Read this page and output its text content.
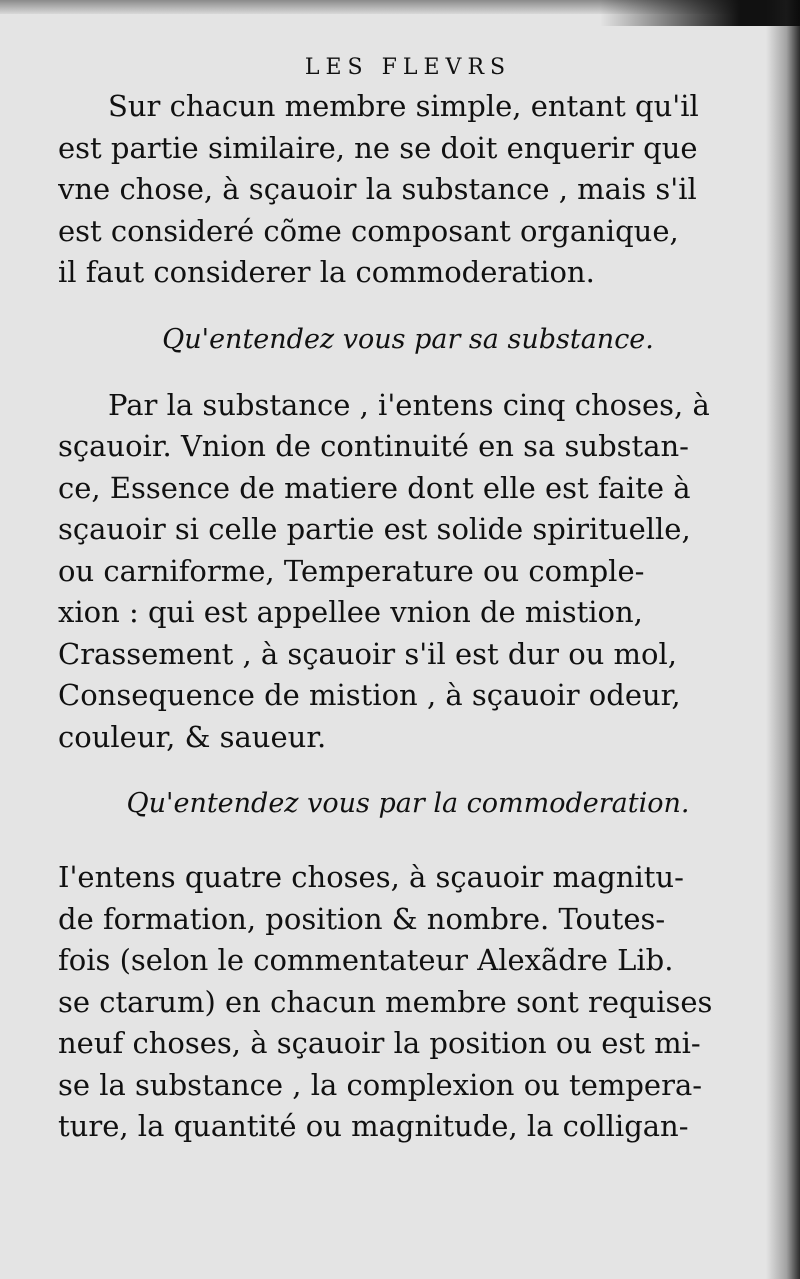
LES FLEVRS
Sur chacun membre simple, entant qu'il
est partie similaire, ne se doit enquerir que
vne chose, à sçauoir la substance , mais s'il
est consideré cõme composant organique,
il faut considerer la commoderation.
Qu'entendez vous par sa substance.
Par la substance , i'entens cinq choses, à
sçauoir. Vnion de continuité en sa substan-
ce, Essence de matiere dont elle est faite à
sçauoir si celle partie est solide spirituelle,
ou carniforme, Temperature ou comple-
xion : qui est appellee vnion de mistion,
Crassement , à sçauoir s'il est dur ou mol,
Consequence de mistion , à sçauoir odeur,
couleur, & saueur.
Qu'entendez vous par la commoderation.
I'entens quatre choses, à sçauoir magnitu-
de formation, position & nombre. Toutes-
fois (selon le commentateur Alexãdre Lib.
se ctarum) en chacun membre sont requises
neuf choses, à sçauoir la position ou est mi-
se la substance , la complexion ou tempera-
ture, la quantité ou magnitude, la colligan-
